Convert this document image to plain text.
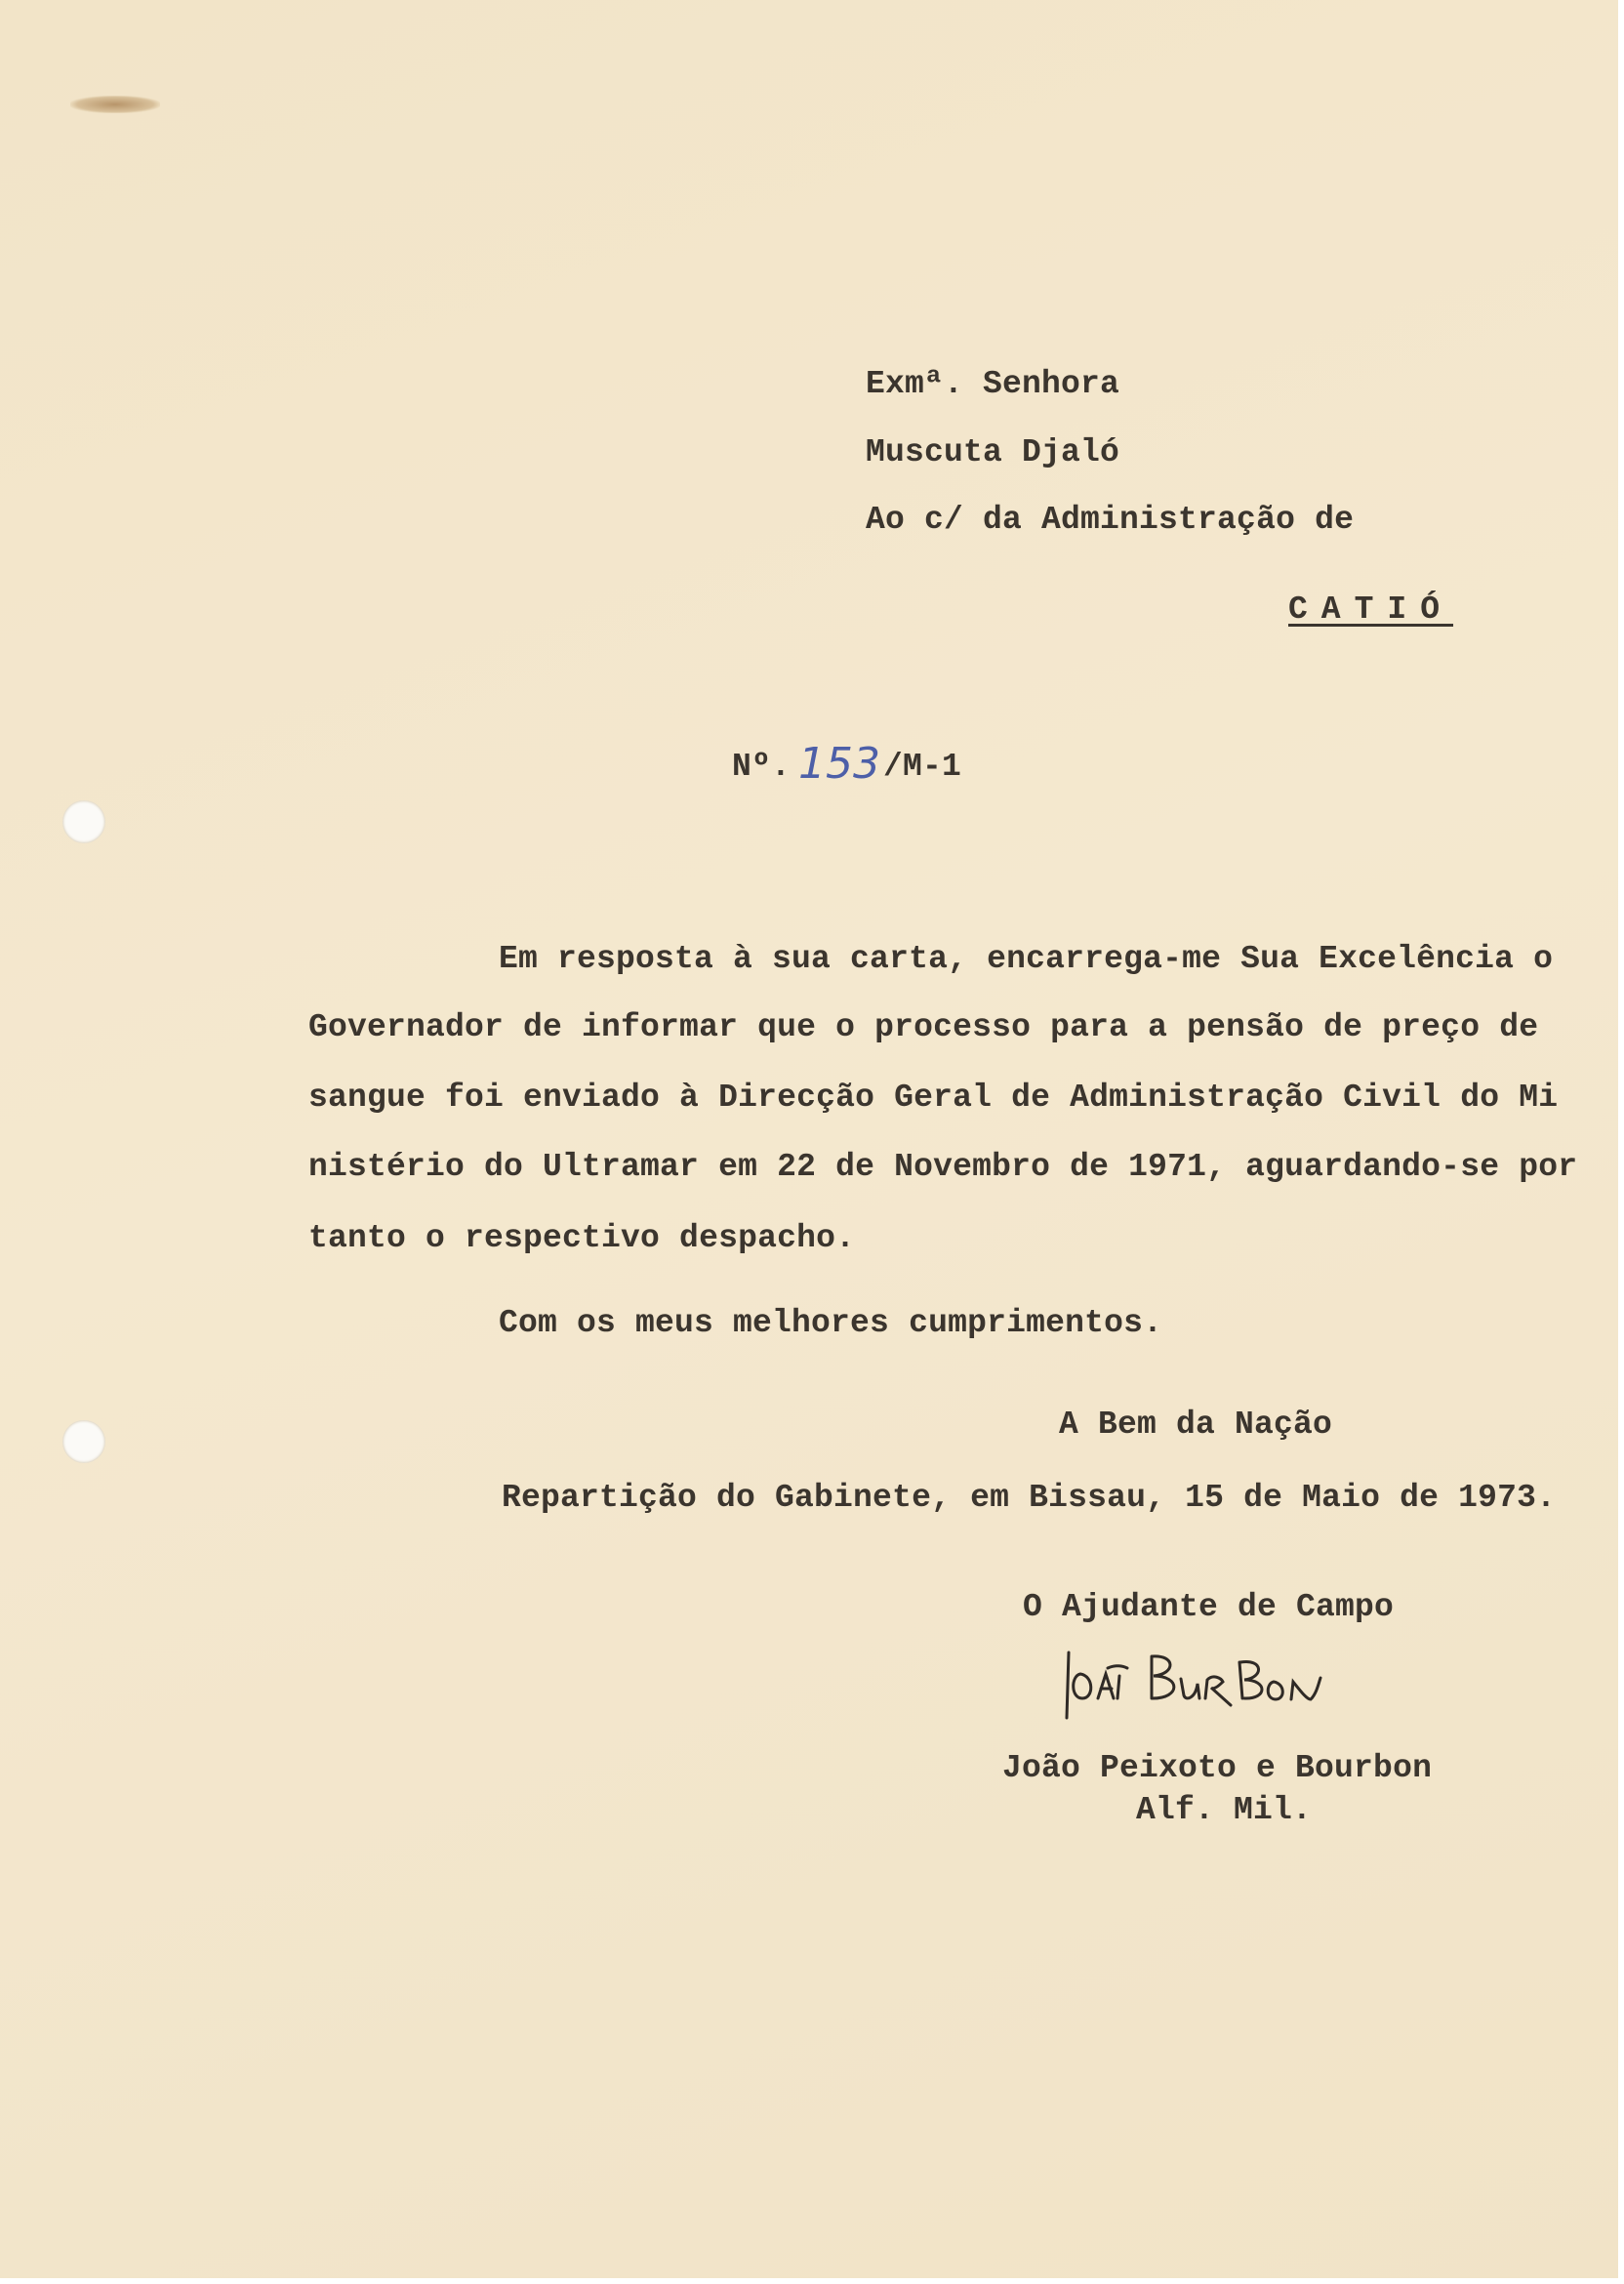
Exmª. Senhora
Muscuta Djaló
Ao c/ da Administração de
CATIÓ
Nº. 153 /M-1
Em resposta à sua carta, encarrega-me Sua Excelência o
Governador de informar que o processo para a pensão de preço de
sangue foi enviado à Direcção Geral de Administração Civil do Mi
nistério do Ultramar em 22 de Novembro de 1971, aguardando-se por
tanto o respectivo despacho.
Com os meus melhores cumprimentos.
A Bem da Nação
Repartição do Gabinete, em Bissau, 15 de Maio de 1973.
O Ajudante de Campo
João Peixoto e Bourbon
Alf. Mil.
